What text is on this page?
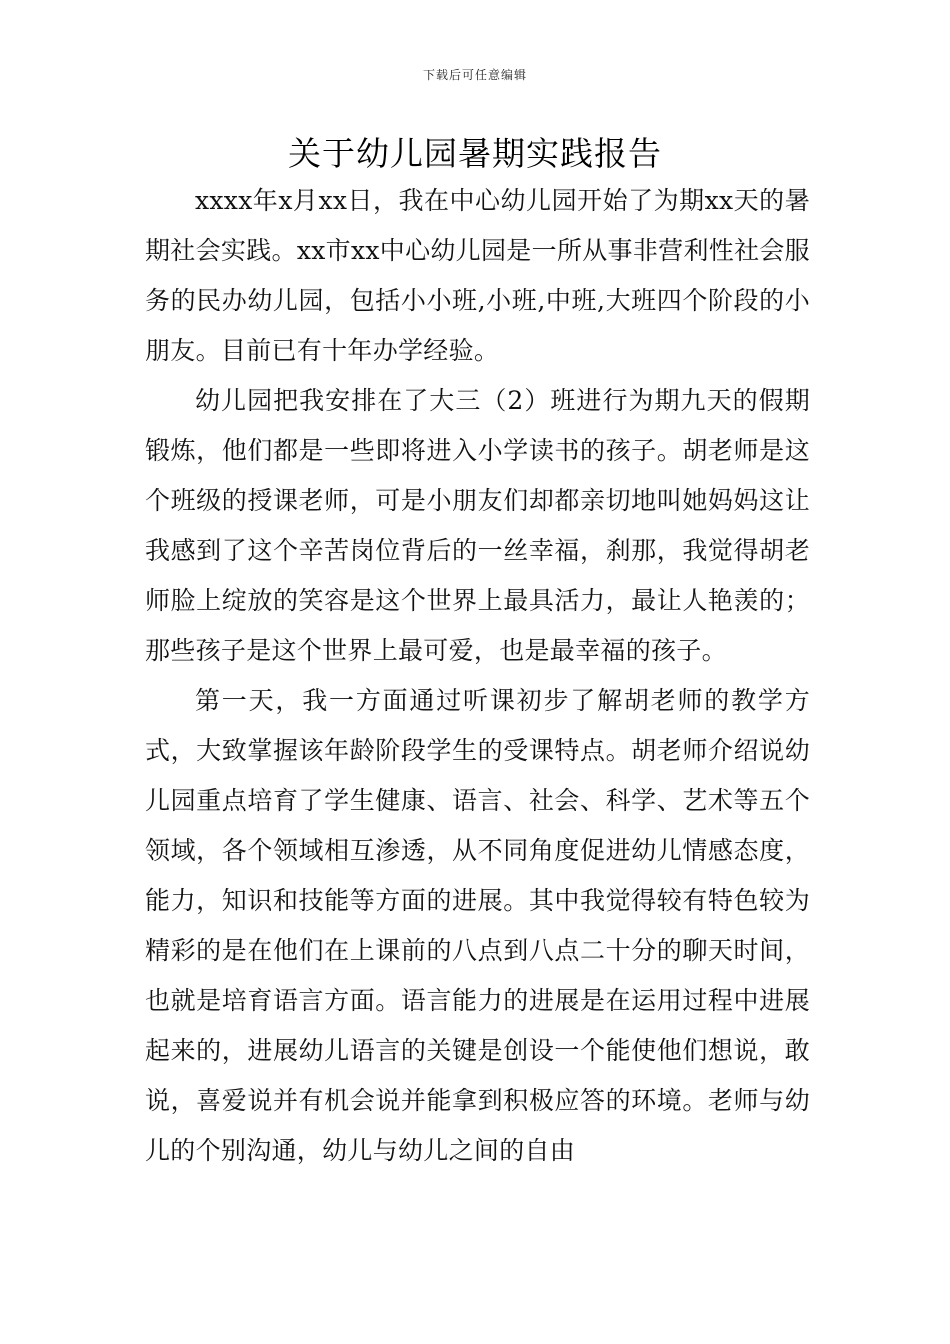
下载后可任意编辑
关于幼儿园暑期实践报告

xxxx年x月xx日，我在中心幼儿园开始了为期xx天的暑期社会实践。xx市xx中心幼儿园是一所从事非营利性社会服务的民办幼儿园，包括小小班,小班,中班,大班四个阶段的小朋友。目前已有十年办学经验。

幼儿园把我安排在了大三（2）班进行为期九天的假期锻炼，他们都是一些即将进入小学读书的孩子。胡老师是这个班级的授课老师，可是小朋友们却都亲切地叫她妈妈这让我感到了这个辛苦岗位背后的一丝幸福，刹那，我觉得胡老师脸上绽放的笑容是这个世界上最具活力，最让人艳羡的；那些孩子是这个世界上最可爱，也是最幸福的孩子。

第一天，我一方面通过听课初步了解胡老师的教学方式，大致掌握该年龄阶段学生的受课特点。胡老师介绍说幼儿园重点培育了学生健康、语言、社会、科学、艺术等五个领域，各个领域相互渗透，从不同角度促进幼儿情感态度，能力，知识和技能等方面的进展。其中我觉得较有特色较为精彩的是在他们在上课前的八点到八点二十分的聊天时间，也就是培育语言方面。语言能力的进展是在运用过程中进展起来的，进展幼儿语言的关键是创设一个能使他们想说，敢说，喜爱说并有机会说并能拿到积极应答的环境。老师与幼儿的个别沟通，幼儿与幼儿之间的自由
